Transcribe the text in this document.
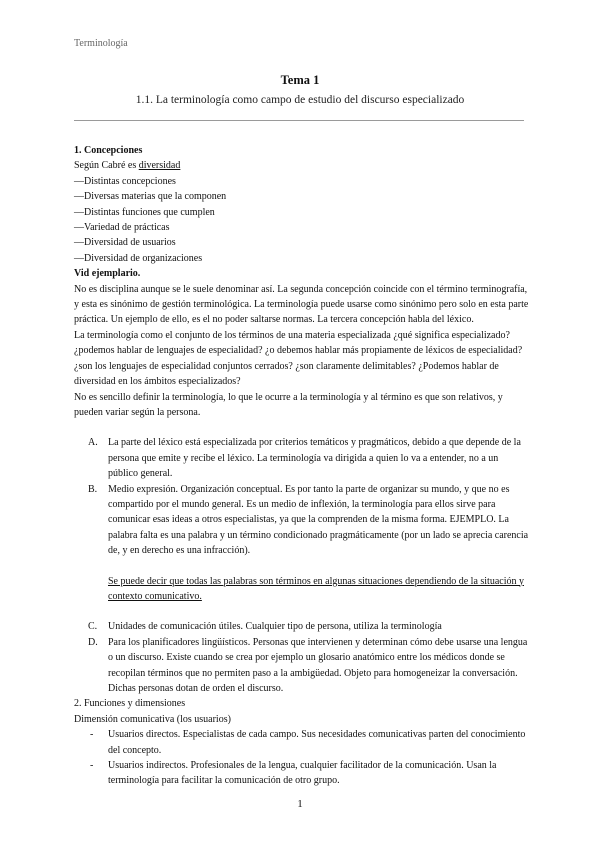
Terminología
Tema 1
1.1. La terminología como campo de estudio del discurso especializado

1. Concepciones

Según Cabré es diversidad

— Distintas concepciones

— Diversas materias que la componen

— Distintas funciones que cumplen

— Variedad de prácticas

— Diversidad de usuarios

— Diversidad de organizaciones

Vid ejemplario.

No es disciplina aunque se le suele denominar así. La segunda concepción coincide con el término terminografía, y esta es sinónimo de gestión terminológica. La terminología puede usarse como sinónimo pero solo en esta parte práctica. Un ejemplo de ello, es el no poder saltarse normas. La tercera concepción habla del léxico.

La terminología como el conjunto de los términos de una materia especializada ¿qué significa especializado? ¿podemos hablar de lenguajes de especialidad? ¿o debemos hablar más propiamente de léxicos de especialidad? ¿son los lenguajes de especialidad conjuntos cerrados? ¿son claramente delimitables? ¿Podemos hablar de diversidad en los ámbitos especializados?

No es sencillo definir la terminología, lo que le ocurre a la terminología y al término es que son relativos, y pueden variar según la persona.

A. La parte del léxico está especializada por criterios temáticos y pragmáticos, debido a que depende de la persona que emite y recibe el léxico. La terminología va dirigida a quien lo va a entender, no a un público general.
B. Medio expresión. Organización conceptual. Es por tanto la parte de organizar su mundo, y que no es compartido por el mundo general. Es un medio de inflexión, la terminología para ellos sirve para comunicar esas ideas a otros especialistas, ya que la comprenden de la misma forma. EJEMPLO. La palabra falta es una palabra y un término condicionado pragmáticamente (por un lado se aprecia carencia de, y en derecho es una infracción).

Se puede decir que todas las palabras son términos en algunas situaciones dependiendo de la situación y contexto comunicativo.

C. Unidades de comunicación útiles. Cualquier tipo de persona, utiliza la terminología
D. Para los planificadores lingüísticos. Personas que intervienen y determinan cómo debe usarse una lengua o un discurso. Existe cuando se crea por ejemplo un glosario anatómico entre los médicos donde se recopilan términos que no permiten paso a la ambigüedad. Objeto para homogeneizar la conversación. Dichas personas dotan de orden el discurso.

2. Funciones y dimensiones

Dimensión comunicativa (los usuarios)

- Usuarios directos. Especialistas de cada campo. Sus necesidades comunicativas parten del conocimiento del concepto.
- Usuarios indirectos. Profesionales de la lengua, cualquier facilitador de la comunicación. Usan la terminología para facilitar la comunicación de otro grupo.
1
